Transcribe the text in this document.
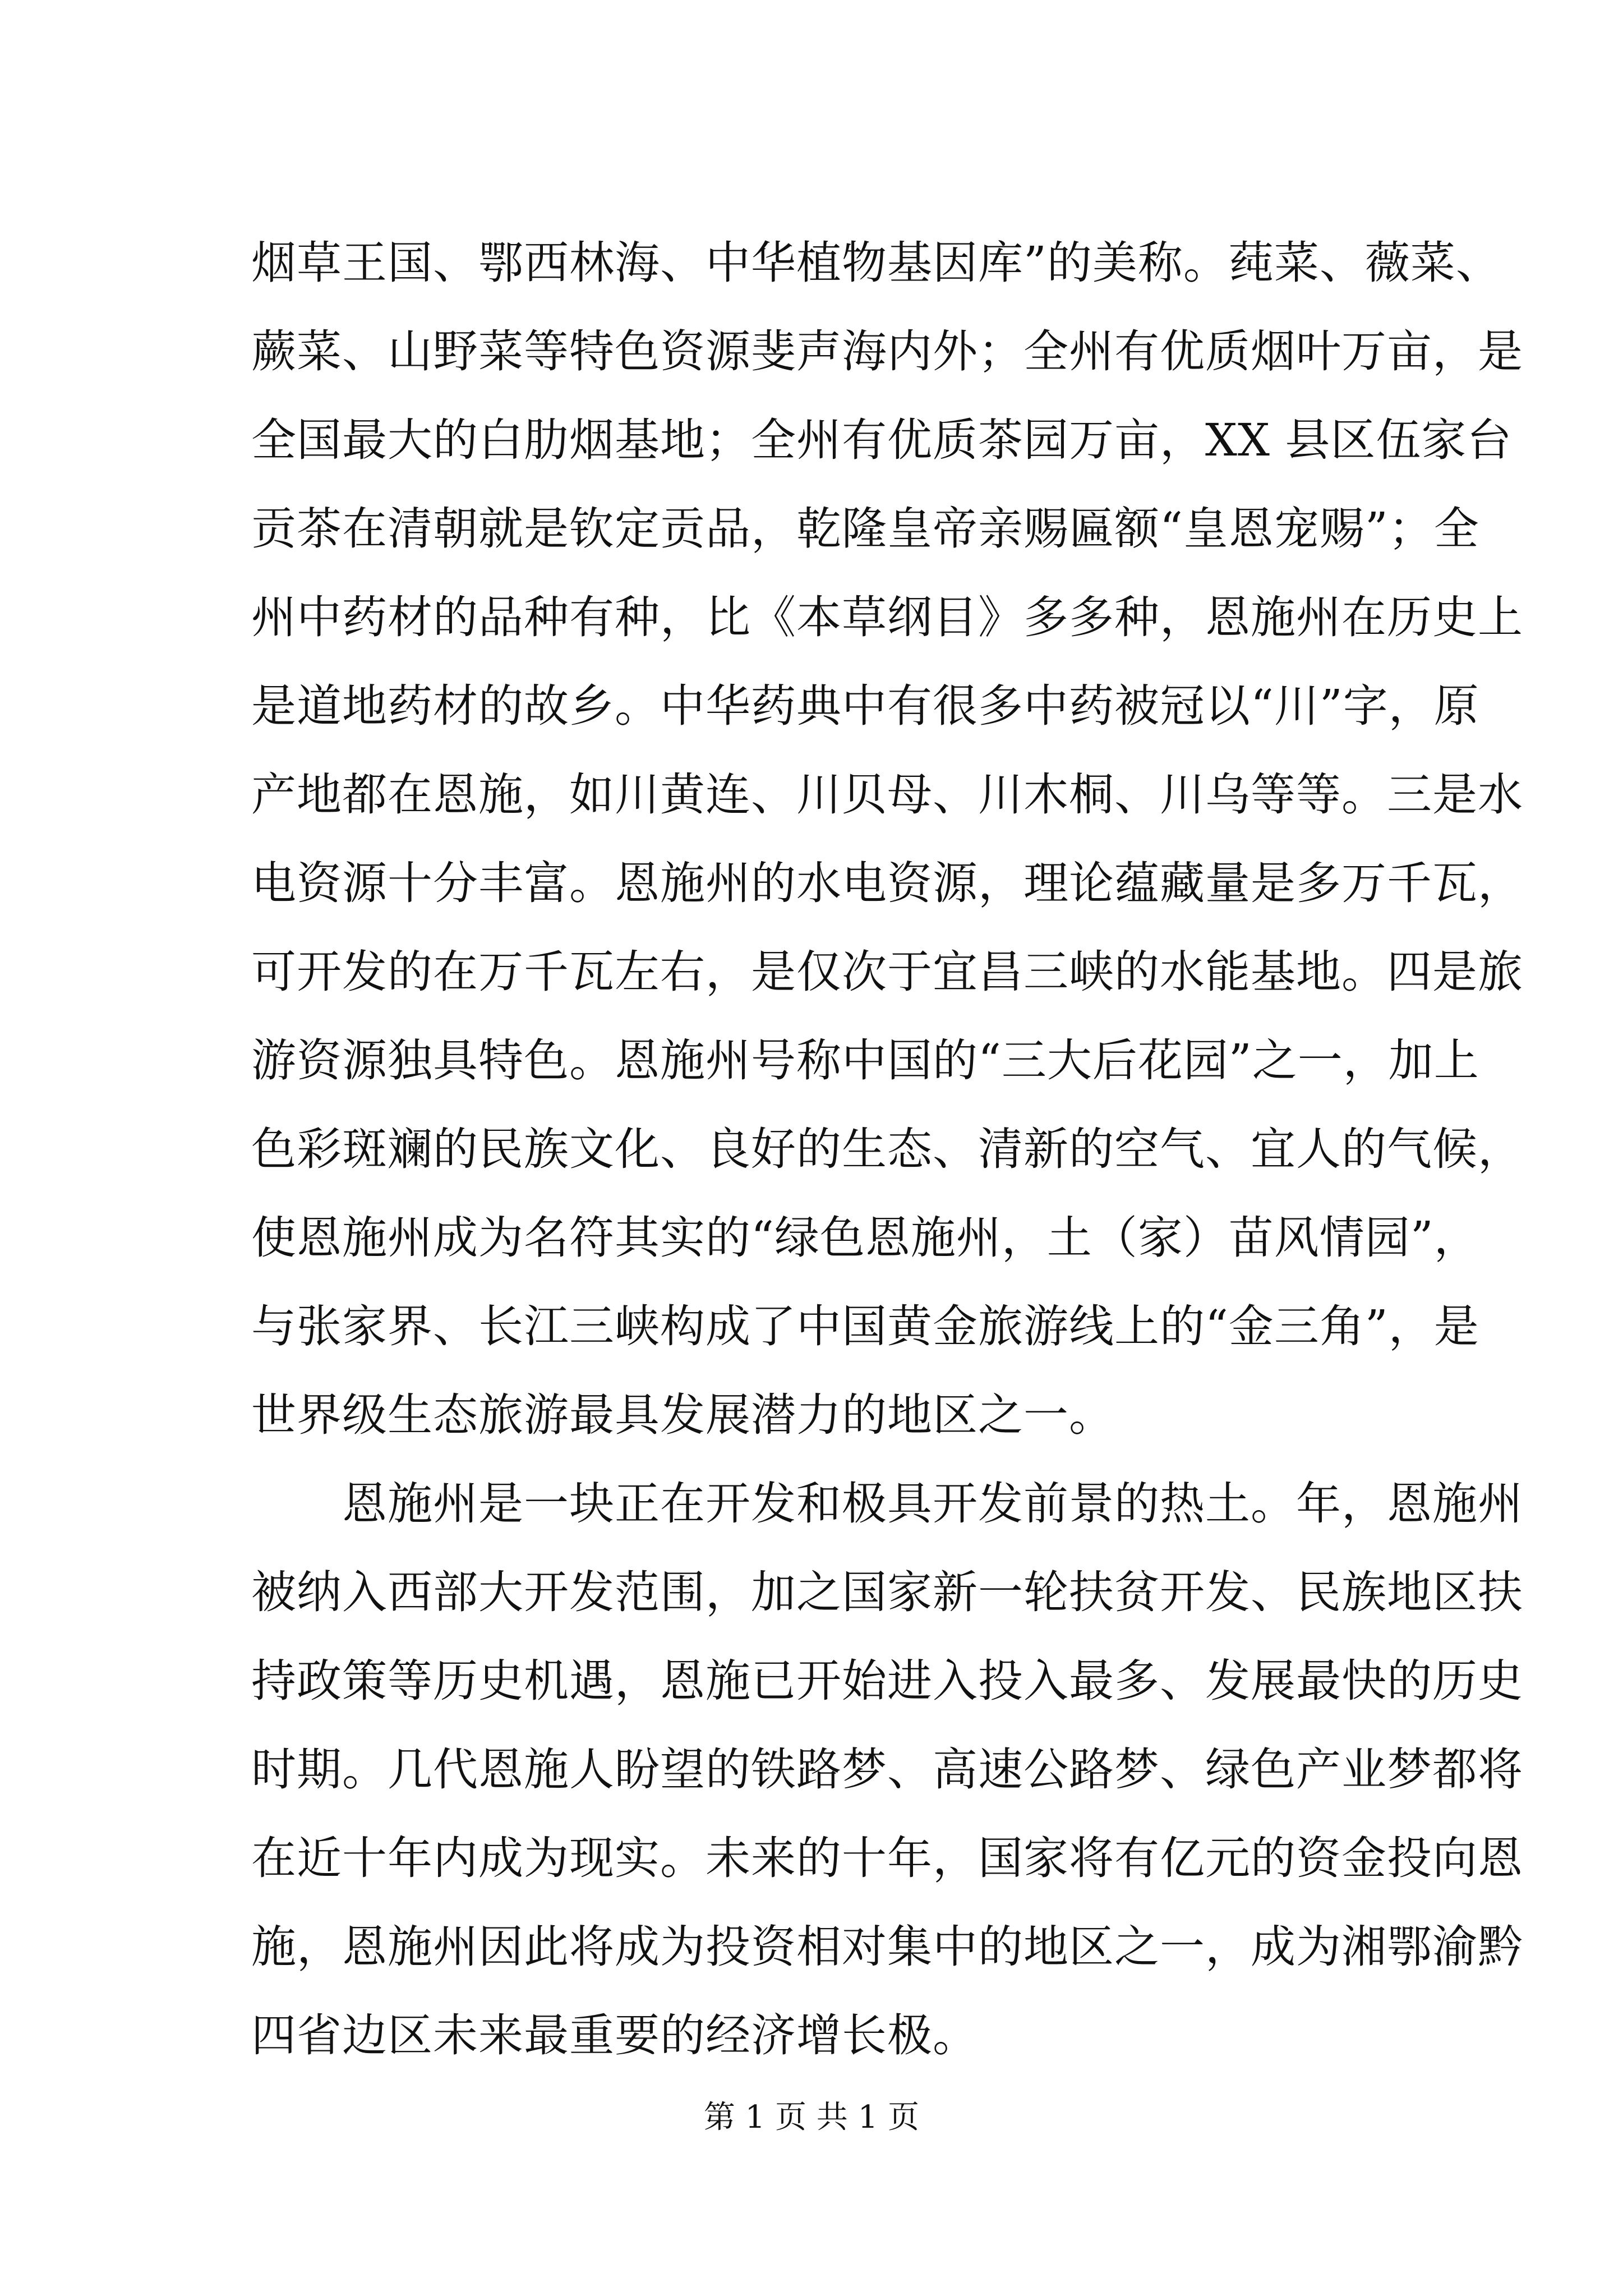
烟草王国、鄂西林海、中华植物基因库”的美称。莼菜、薇菜、
蕨菜、山野菜等特色资源斐声海内外；全州有优质烟叶万亩，是
全国最大的白肋烟基地；全州有优质茶园万亩，XX 县区伍家台
贡茶在清朝就是钦定贡品，乾隆皇帝亲赐匾额“皇恩宠赐”；全
州中药材的品种有种，比《本草纲目》多多种，恩施州在历史上
是道地药材的故乡。中华药典中有很多中药被冠以“川”字，原
产地都在恩施，如川黄连、川贝母、川木桐、川乌等等。三是水
电资源十分丰富。恩施州的水电资源，理论蕴藏量是多万千瓦，
可开发的在万千瓦左右，是仅次于宜昌三峡的水能基地。四是旅
游资源独具特色。恩施州号称中国的“三大后花园”之一，加上
色彩斑斓的民族文化、良好的生态、清新的空气、宜人的气候，
使恩施州成为名符其实的“绿色恩施州，土（家）苗风情园”，
与张家界、长江三峡构成了中国黄金旅游线上的“金三角”，是
世界级生态旅游最具发展潜力的地区之一。
恩施州是一块正在开发和极具开发前景的热土。年，恩施州
被纳入西部大开发范围，加之国家新一轮扶贫开发、民族地区扶
持政策等历史机遇，恩施已开始进入投入最多、发展最快的历史
时期。几代恩施人盼望的铁路梦、高速公路梦、绿色产业梦都将
在近十年内成为现实。未来的十年，国家将有亿元的资金投向恩
施，恩施州因此将成为投资相对集中的地区之一，成为湘鄂渝黔
四省边区未来最重要的经济增长极。
第 1 页 共 1 页
